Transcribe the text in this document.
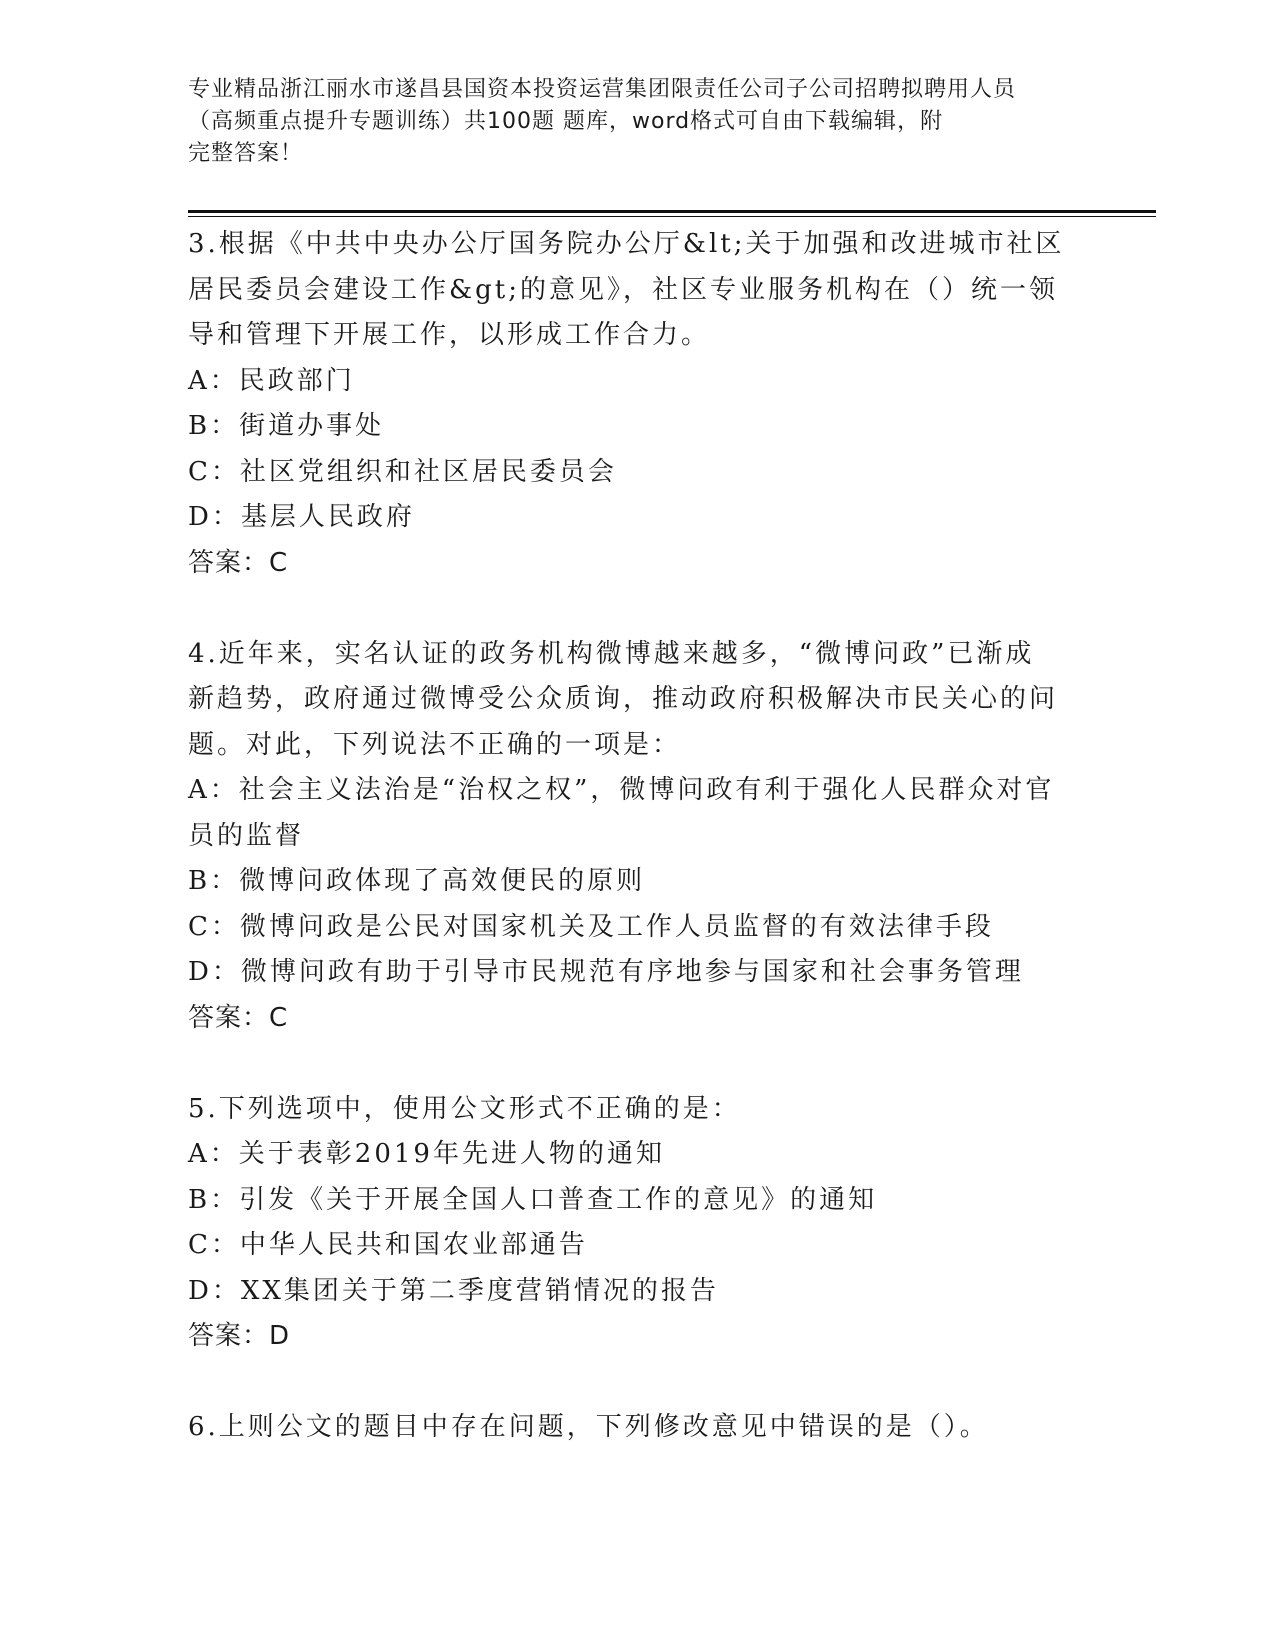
专业精品浙江丽水市遂昌县国资本投资运营集团限责任公司子公司招聘拟聘用人员
（高频重点提升专题训练）共100题 题库，word格式可自由下载编辑，附
完整答案！

3.根据《中共中央办公厅国务院办公厅&lt;关于加强和改进城市社区
居民委员会建设工作&gt;的意见》，社区专业服务机构在（）统一领
导和管理下开展工作，以形成工作合力。

A：民政部门

B：街道办事处

C：社区党组织和社区居民委员会

D：基层人民政府

答案：C

4.近年来，实名认证的政务机构微博越来越多，“微博问政”已渐成
新趋势，政府通过微博受公众质询，推动政府积极解决市民关心的问
题。对此，下列说法不正确的一项是：

A：社会主义法治是“治权之权”，微博问政有利于强化人民群众对官
员的监督

B：微博问政体现了高效便民的原则

C：微博问政是公民对国家机关及工作人员监督的有效法律手段

D：微博问政有助于引导市民规范有序地参与国家和社会事务管理

答案：C

5.下列选项中，使用公文形式不正确的是：

A：关于表彰2019年先进人物的通知

B：引发《关于开展全国人口普查工作的意见》的通知

C：中华人民共和国农业部通告

D：XX集团关于第二季度营销情况的报告

答案：D

6.上则公文的题目中存在问题，下列修改意见中错误的是（）。
